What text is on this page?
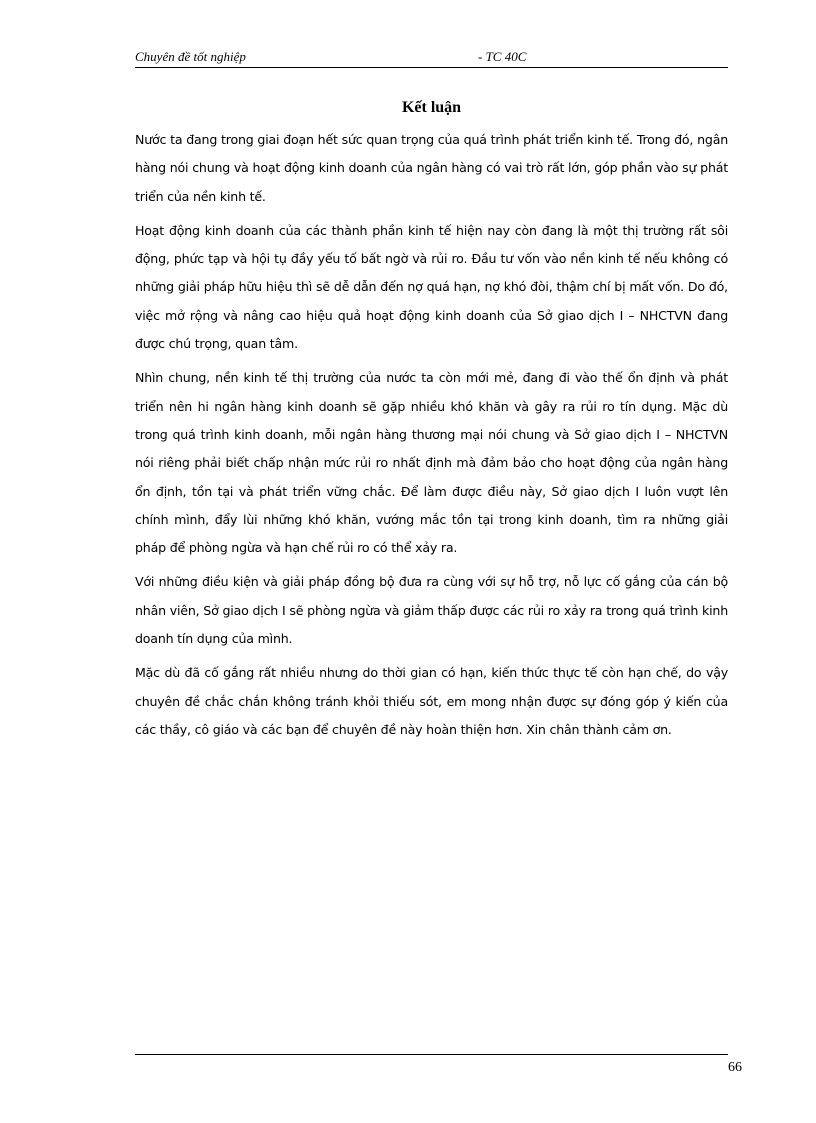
Chuyên đề tốt nghiệp	- TC 40C
Kết luận

Nước ta đang trong giai đoạn hết sức quan trọng của quá trình phát triển kinh tế. Trong đó, ngân hàng nói chung và hoạt động kinh doanh của ngân hàng có vai trò rất lớn, góp phần vào sự phát triển của nền kinh tế.

Hoạt động kinh doanh của các thành phần kinh tế hiện nay còn đang là một thị trường rất sôi động, phức tạp và hội tụ đầy yếu tố bất ngờ và rủi ro. Đầu tư vốn vào nền kinh tế nếu không có những giải pháp hữu hiệu thì sẽ dễ dẫn đến nợ quá hạn, nợ khó đòi, thậm chí bị mất vốn. Do đó, việc mở rộng và nâng cao hiệu quả hoạt động kinh doanh của Sở giao dịch I – NHCTVN đang được chú trọng, quan tâm.

Nhìn chung, nền kinh tế thị trường của nước ta còn mới mẻ, đang đi vào thế ổn định và phát triển nên hi ngân hàng kinh doanh sẽ gặp nhiều khó khăn và gây ra rủi ro tín dụng. Mặc dù trong quá trình kinh doanh, mỗi ngân hàng thương mại nói chung và Sở giao dịch I – NHCTVN nói riêng phải biết chấp nhận mức rủi ro nhất định mà đảm bảo cho hoạt động của ngân hàng ổn định, tồn tại và phát triển vững chắc. Để làm được điều này, Sở giao dịch I luôn vượt lên chính mình, đẩy lùi những khó khăn, vướng mắc tồn tại trong kinh doanh, tìm ra những giải pháp để phòng ngừa và hạn chế rủi ro có thể xảy ra.

Với những điều kiện và giải pháp đồng bộ đưa ra cùng với sự hỗ trợ, nỗ lực cố gắng của cán bộ nhân viên, Sở giao dịch I sẽ phòng ngừa và giảm thấp được các rủi ro xảy ra trong quá trình kinh doanh tín dụng của mình.

Mặc dù đã cố gắng rất nhiều nhưng do thời gian có hạn, kiến thức thực tế còn hạn chế, do vậy chuyên đề chắc chắn không tránh khỏi thiếu sót, em mong nhận được sự đóng góp ý kiến của các thầy, cô giáo và các bạn để chuyên đề này hoàn thiện hơn. Xin chân thành cảm ơn.

66
